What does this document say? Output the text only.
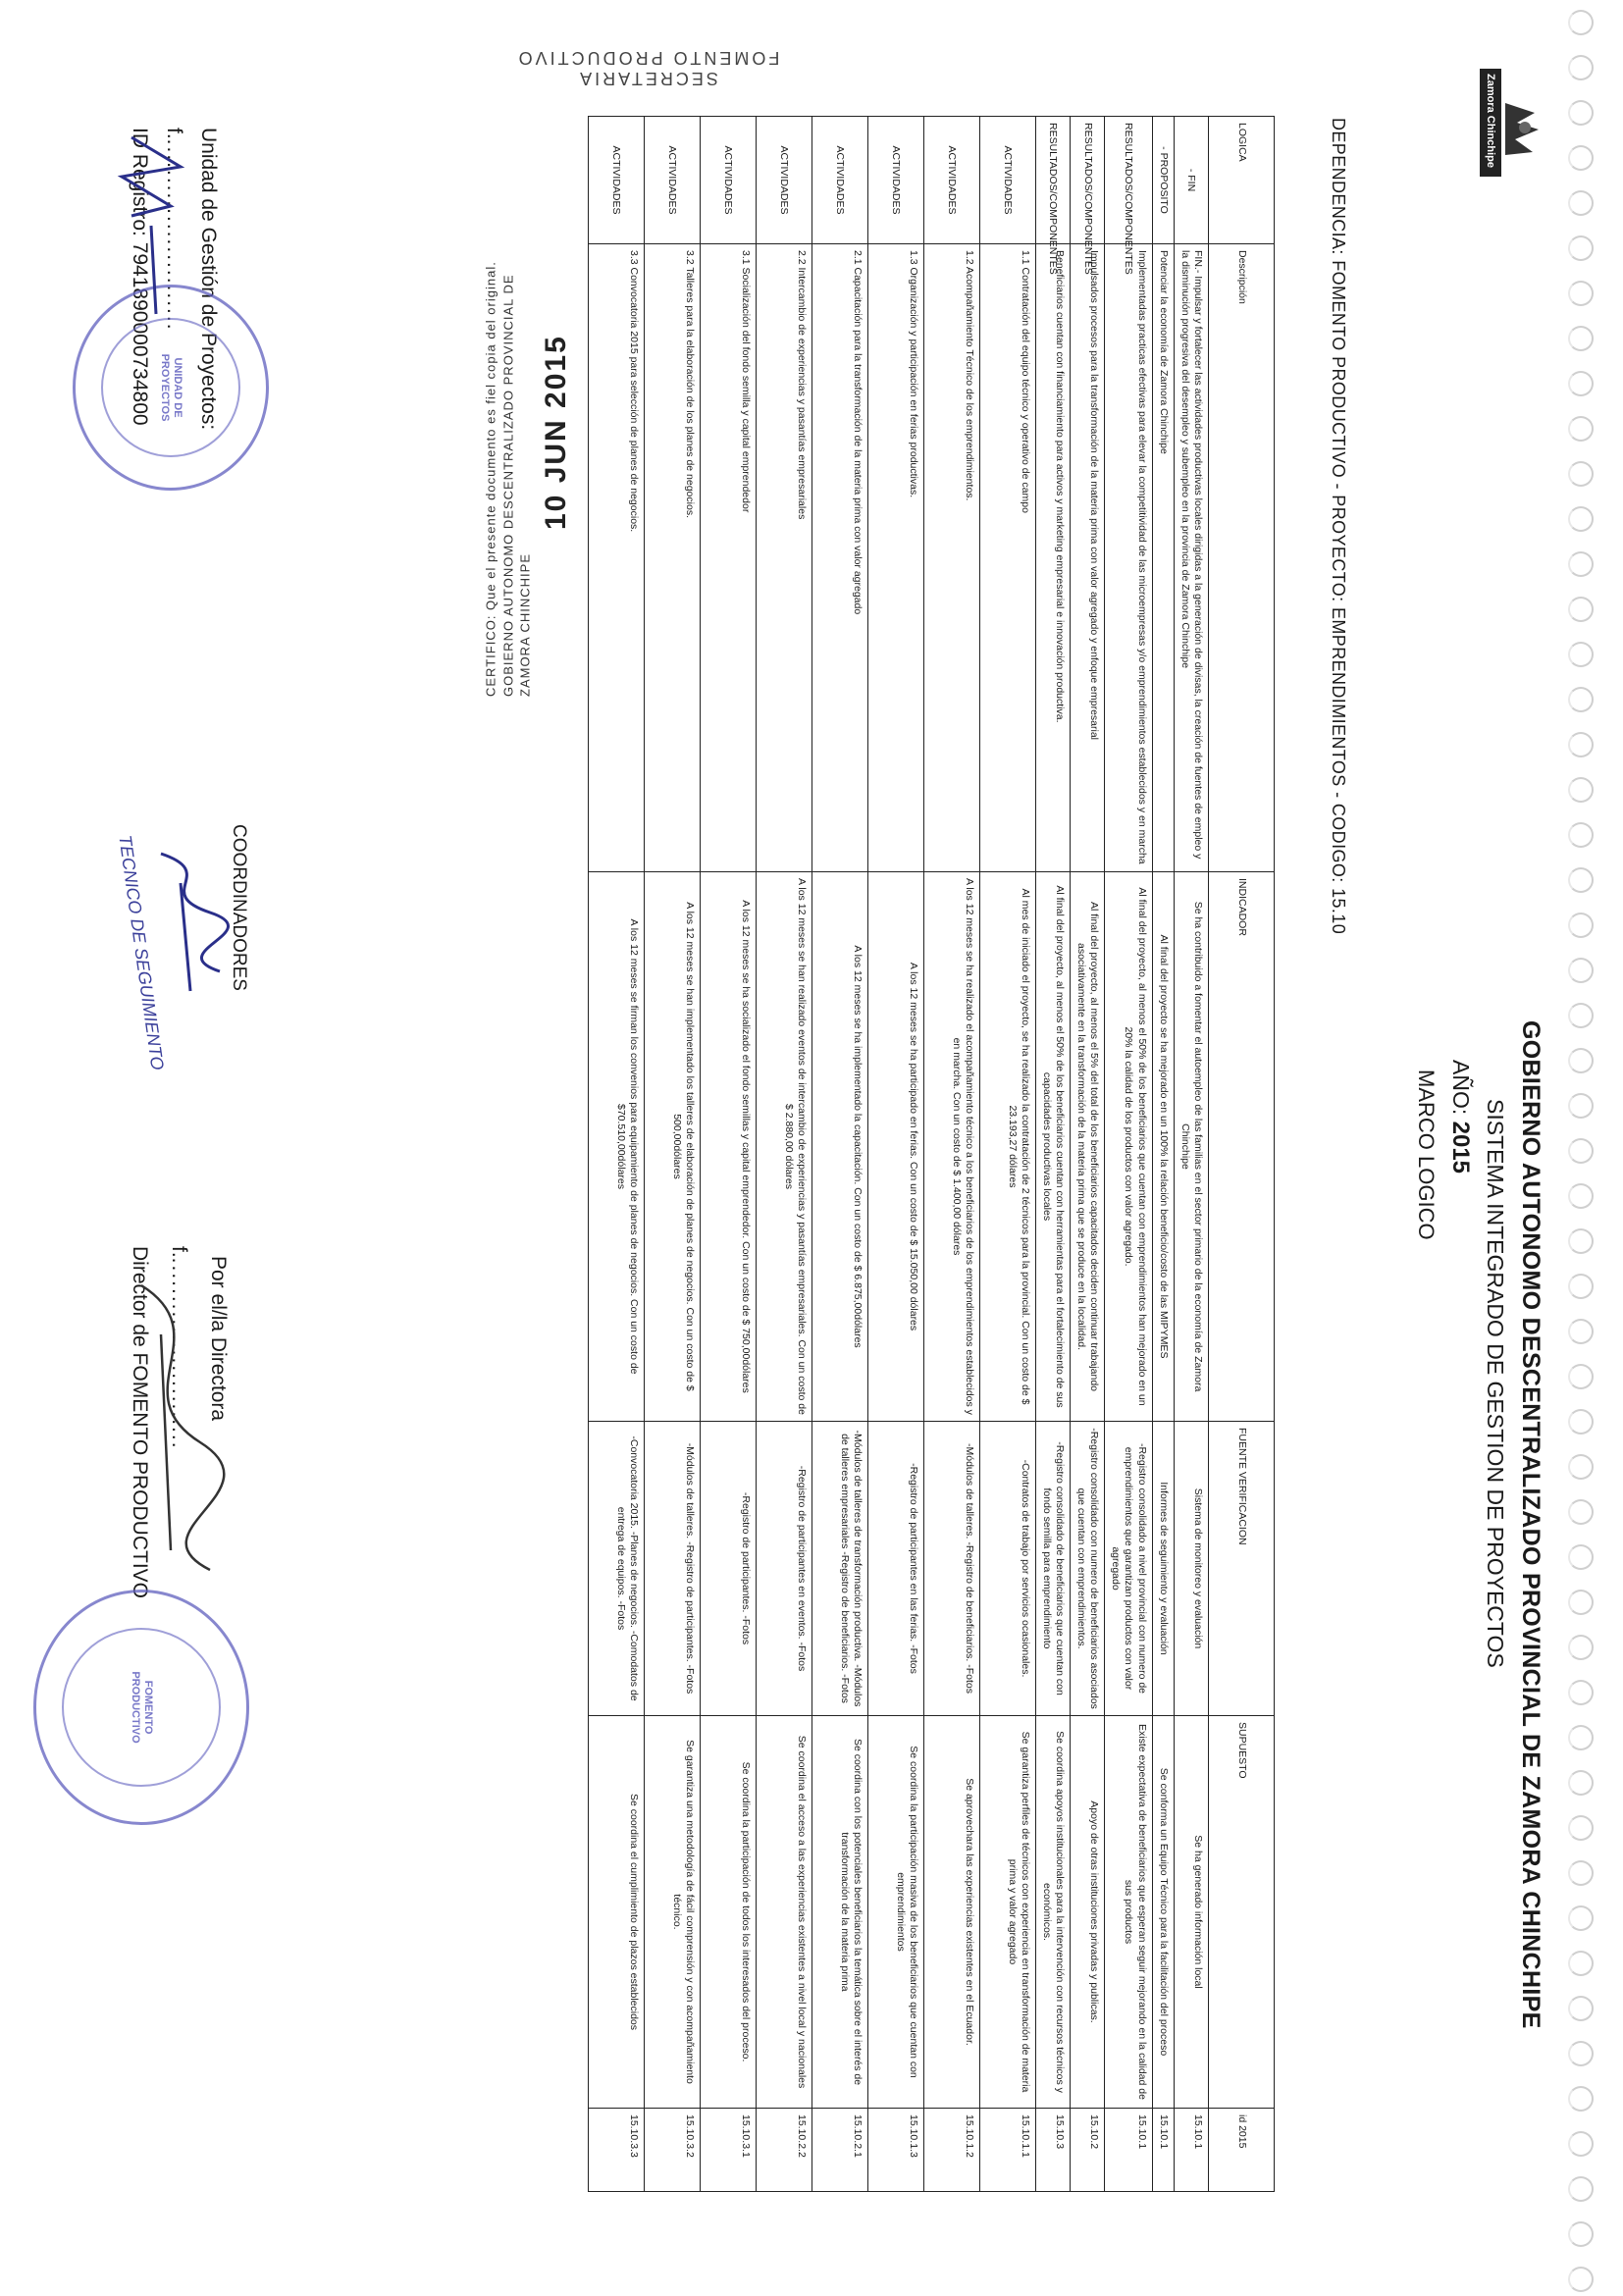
Zamora Chinchipe
GOBIERNO AUTONOMO DESCENTRALIZADO PROVINCIAL DE ZAMORA CHINCHIPE
SISTEMA INTEGRADO DE GESTION DE PROYECTOS
AÑO: 2015
MARCO LOGICO
DEPENDENCIA: FOMENTO PRODUCTIVO - PROYECTO: EMPRENDIMIENTOS - CODIGO: 15.10
LOGICA	Descripción	INDICADOR	FUENTE VERIFICACION	SUPUESTO	id 2015
- FIN	FIN.- Impulsar y fortalecer las actividades productivas locales dirigidas a la generación de divisas, la creación de fuentes de empleo y la disminución progresiva del desempleo y subempleo en la provincia de Zamora Chinchipe	Se ha contribuido a fomentar el autoempleo de las familias en el sector primario de la economía de Zamora Chinchipe	Sistema de monitoreo y evaluación	Se ha generado información local	15.10.1
- PROPOSITO	Potenciar la economía de Zamora Chinchipe	Al final del proyecto se ha mejorado en un 100% la relación beneficio/costo de las MIPYMES	Informes de seguimiento y evaluación	Se conforma un Equipo Técnico para la facilitación del proceso	15.10.1
RESULTADOS/COMPONENTES	Implementadas practicas efectivas para elevar la competitividad de las microempresas y/o emprendimientos establecidos y en marcha	Al final del proyecto, al menos el 50% de los beneficiarios que cuentan con emprendimientos han mejorado en un 20% la calidad de los productos con valor agregado.	-Registro consolidado a nivel provincial con numero de emprendimientos que garantizan productos con valor agregado	Existe expectativa de beneficiarios que esperan seguir mejorando en la calidad de sus productos	15.10.1
RESULTADOS/COMPONENTES	Impulsados procesos para la transformación de la materia prima con valor agregado y enfoque empresarial	Al final del proyecto, al menos el 5% del total de los beneficiarios capacitados deciden continuar trabajando asociativamente en la transformación de la materia prima que se produce en la localidad.	-Registro consolidado con numero de beneficiarios asociados que cuentan con emprendimientos.	Apoyo de otras instituciones privadas y publicas.	15.10.2
RESULTADOS/COMPONENTES	Beneficiarios cuentan con financiamiento para activos y marketing empresarial e innovación productiva.	Al final del proyecto, al menos el 50% de los beneficiarios cuentan con herramientas para el fortalecimiento de sus capacidades productivas locales	-Registro consolidado de beneficiarios que cuentan con fondo semilla para emprendimiento	Se coordina apoyos institucionales para la intervención con recursos técnicos y económicos.	15.10.3
ACTIVIDADES	1.1 Contratación del equipo técnico y operativo de campo	Al mes de iniciado el proyecto, se ha realizado la contratación de 2 técnicos para la provincial. Con un costo de $ 23.193,27 dólares	-Contratos de trabajo por servicios ocasionales.	Se garantiza perfiles de técnicos con experiencia en transformación de materia prima y valor agregado	15.10.1.1
ACTIVIDADES	1.2 Acompañamiento Técnico de los emprendimientos.	A los 12 meses se ha realizado el acompañamiento técnico a los beneficiarios de los emprendimientos establecidos y en marcha. Con un costo de $ 1.400,00 dólares	-Módulos de talleres. -Registro de beneficiarios. -Fotos	Se aprovechara las experiencias existentes en el Ecuador.	15.10.1.2
ACTIVIDADES	1.3 Organización y participación en ferias productivas.	A los 12 meses se ha participado en ferias. Con un costo de $ 15.050,00 dólares	-Registro de participantes en las ferias. -Fotos	Se coordina la participación masiva de los beneficiarios que cuentan con emprendimientos	15.10.1.3
ACTIVIDADES	2.1 Capacitación para la transformación de la materia prima con valor agregado	A los 12 meses se ha implementado la capacitación. Con un costo de $ 6.875,00dólares	-Módulos de talleres de transformación productiva. -Módulos de talleres empresariales -Registro de beneficiarios. -Fotos	Se coordina con los potenciales beneficiarios la temática sobre el interés de transformación de la materia prima	15.10.2.1
ACTIVIDADES	2.2 Intercambio de experiencias y pasantías empresariales	A los 12 meses se han realizado eventos de intercambio de experiencias y pasantías empresariales. Con un costo de $ 2.880,00 dólares	-Registro de participantes en eventos. -Fotos	Se coordina el acceso a las experiencias existentes a nivel local y nacionales	15.10.2.2
ACTIVIDADES	3.1 Socialización del fondo semilla y capital emprendedor	A los 12 meses se ha socializado el fondo semillas y capital emprendedor. Con un costo de $ 750,00dólares	-Registro de participantes. -Fotos	Se coordina la participación de todos los interesados del proceso.	15.10.3.1
ACTIVIDADES	3.2 Talleres para la elaboración de los planes de negocios.	A los 12 meses se han implementado los talleres de elaboración de planes de negocios. Con un costo de $ 500,00dólares	-Módulos de talleres. -Registro de participantes. -Fotos	Se garantiza una metodología de fácil comprensión y con acompañamiento técnico.	15.10.3.2
ACTIVIDADES	3.3 Convocatoria 2015 para selección de planes de negocios.	A los 12 meses se firman los convenios para equipamiento de planes de negocios. Con un costo de $70.510,00dólares	-Convocatoria 2015. -Planes de negocios. -Comodatos de entrega de equipos. -Fotos	Se coordina el cumplimiento de plazos establecidos	15.10.3.3
10 JUN 2015
CERTIFICO: Que el presente documento es fiel copia del original. GOBIERNO AUTONOMO DESCENTRALIZADO PROVINCIAL DE ZAMORA CHINCHIPE
COORDINADORES
Unidad de Gestión de Proyectos:
f..........................
ID Registro: 7941890000734800
TECNICO DE SEGUIMIENTO
Por el/la Directora
f..........................
Director de FOMENTO PRODUCTIVO
UNIDAD DE PROYECTOS
FOMENTO PRODUCTIVO
SECRETARIA
FOMENTO PRODUCTIVO
